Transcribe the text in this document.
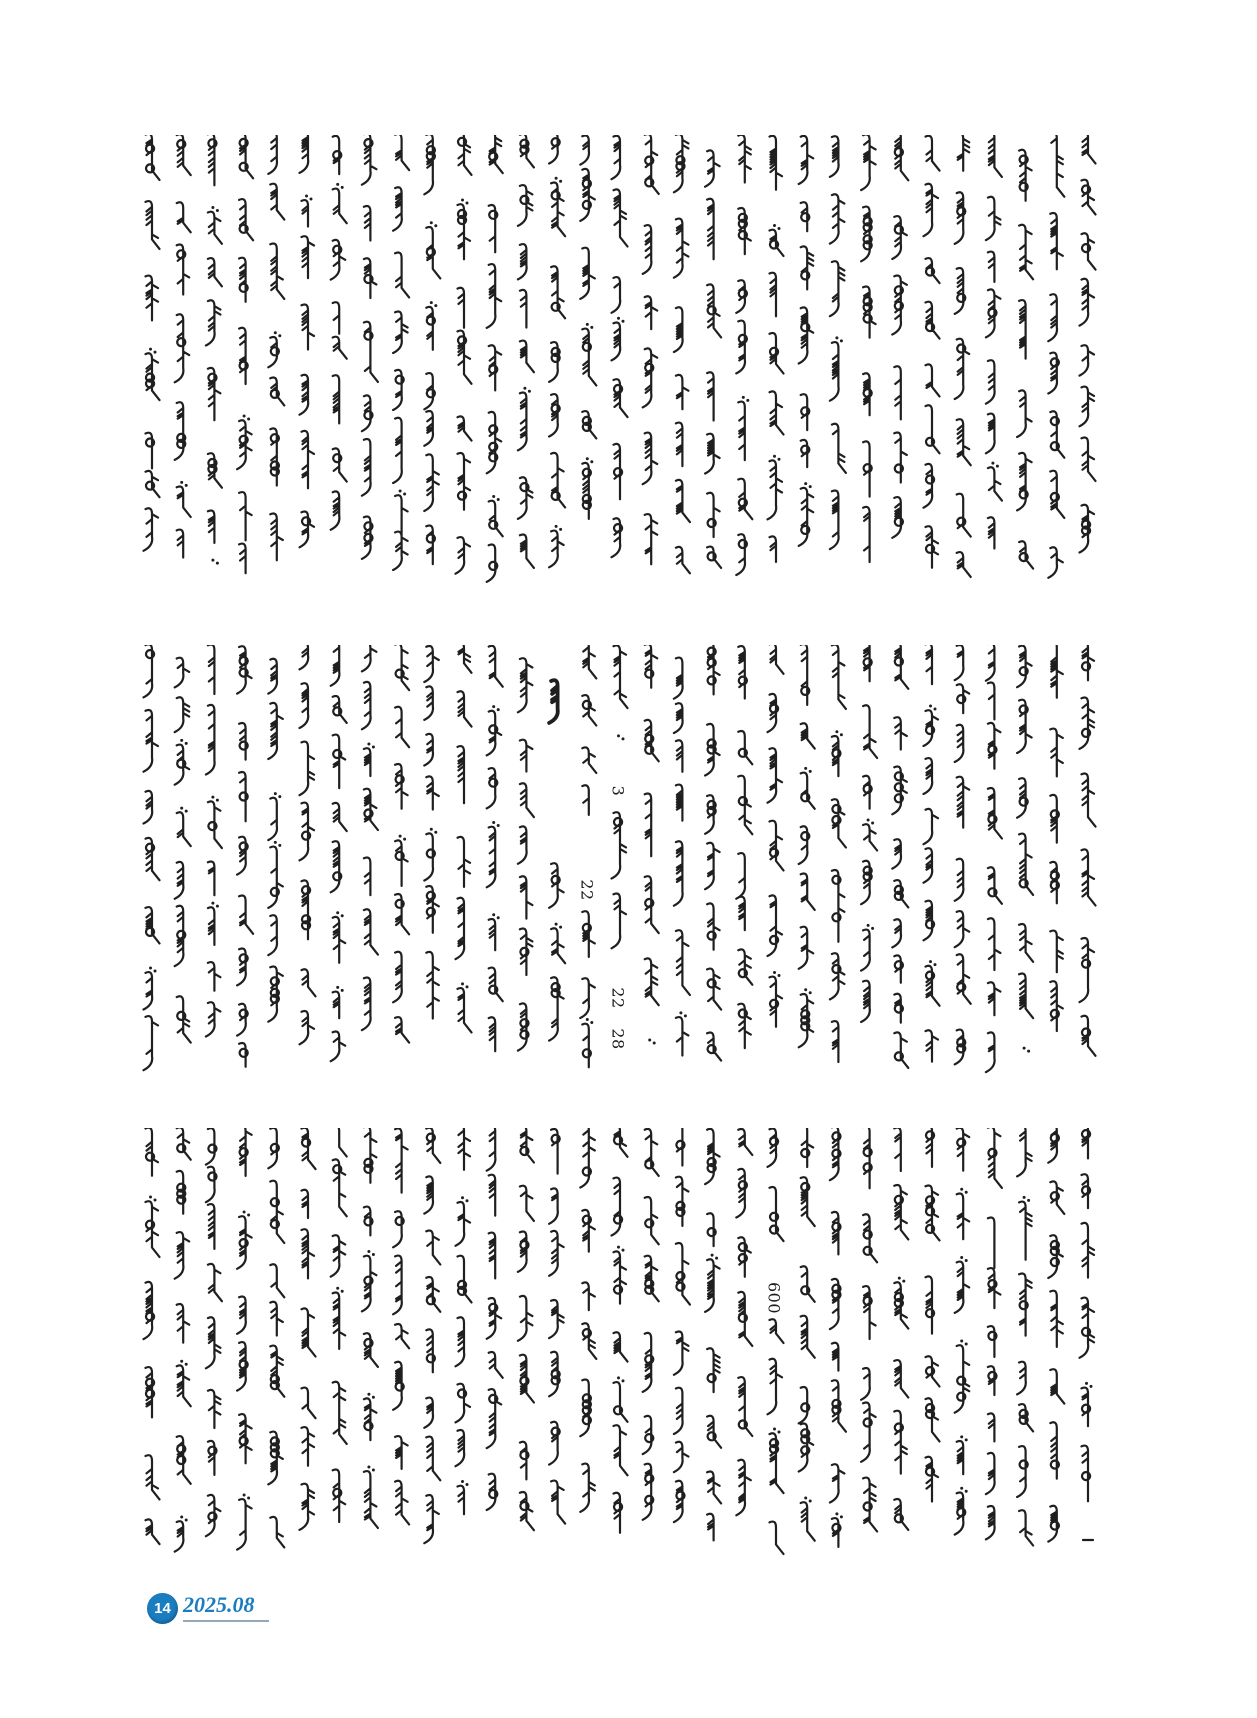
14 2025.08
22
3
22
28
600
